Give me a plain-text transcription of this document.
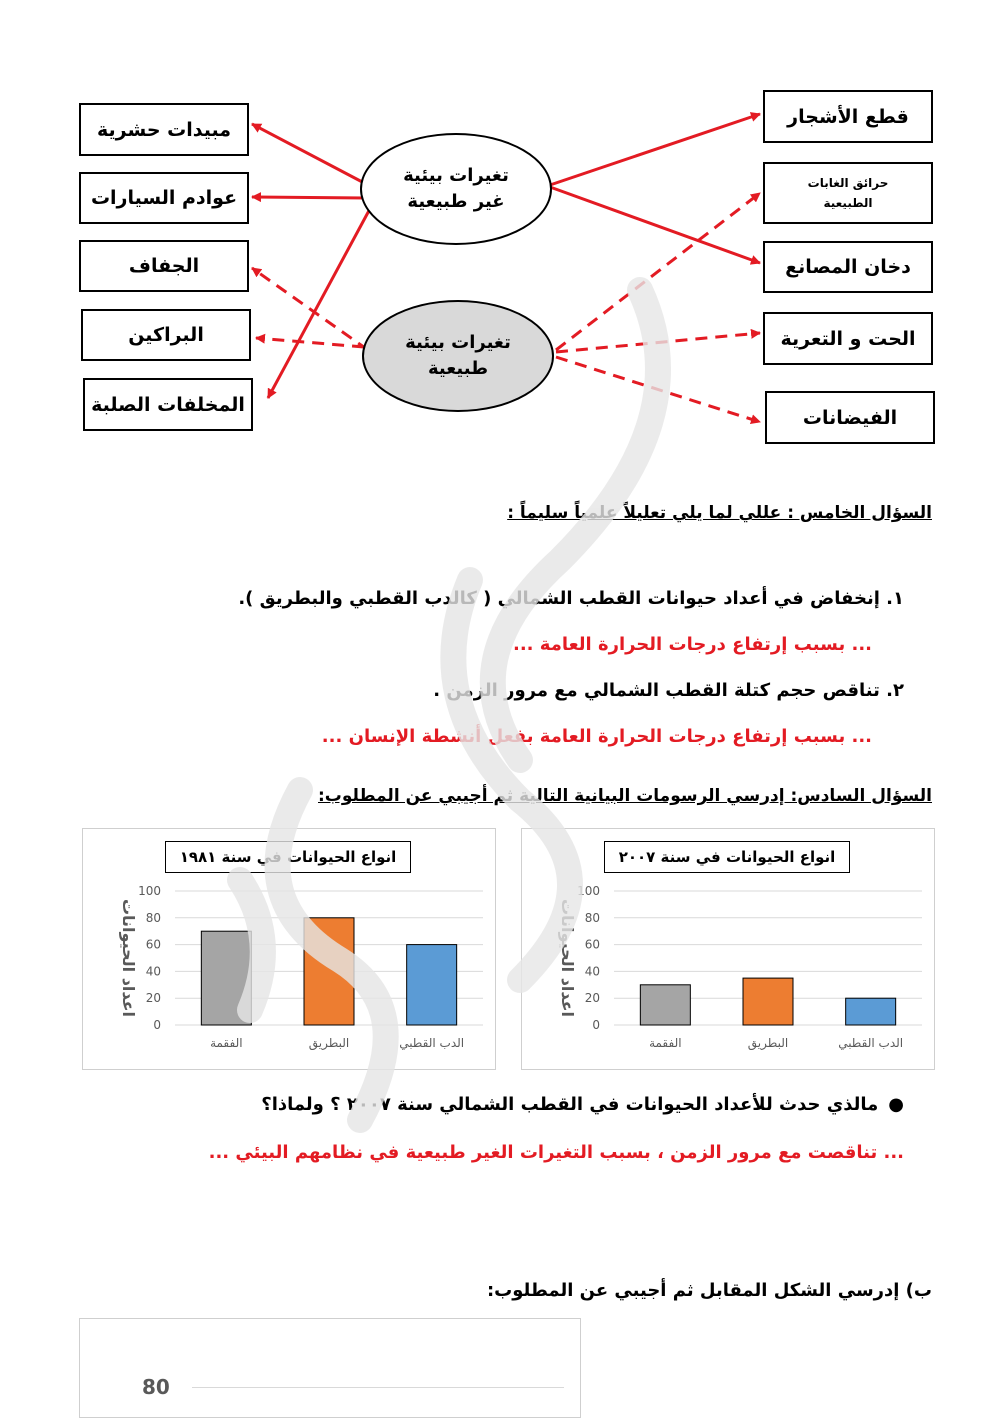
مبيدات حشرية
عوادم السيارات
الجفاف
البراكين
المخلفات الصلبة
قطع الأشجار
حرائق الغابات
الطبيعية
دخان المصانع
الحت و التعرية
الفيضانات
تغيرات بيئية
غير طبيعية
تغيرات بيئية
طبيعية
السؤال الخامس : عللي لما يلي تعليلاً علمياً سليماً :
١. إنخفاض في أعداد حيوانات القطب الشمالي ( كالدب القطبي والبطريق ).
... بسبب إرتفاع درجات الحرارة العامة ...
٢. تناقص حجم كتلة القطب الشمالي مع مرور الزمن .
... بسبب إرتفاع درجات الحرارة العامة بفعل أنشطة الإنسان ...
السؤال السادس: إدرسي الرسومات البيانية التالية ثم أجيبي عن المطلوب:
انواع الحيوانات في سنة ١٩٨١
100
80
60
40
20
0
اعداد الحيوانات
الدب القطبي
البطريق
الفقمة
انواع الحيوانات في سنة ٢٠٠٧
100
80
60
40
20
0
اعداد الحيوانات
الدب القطبي
البطريق
الفقمة
●مالذي حدث للأعداد الحيوانات في القطب الشمالي سنة ٢٠٠٧ ؟ ولماذا؟
... تناقصت مع مرور الزمن ، بسبب التغيرات الغير طبيعية في نظامهم البيئي ...
ب) إدرسي الشكل المقابل ثم أجيبي عن المطلوب:
80
